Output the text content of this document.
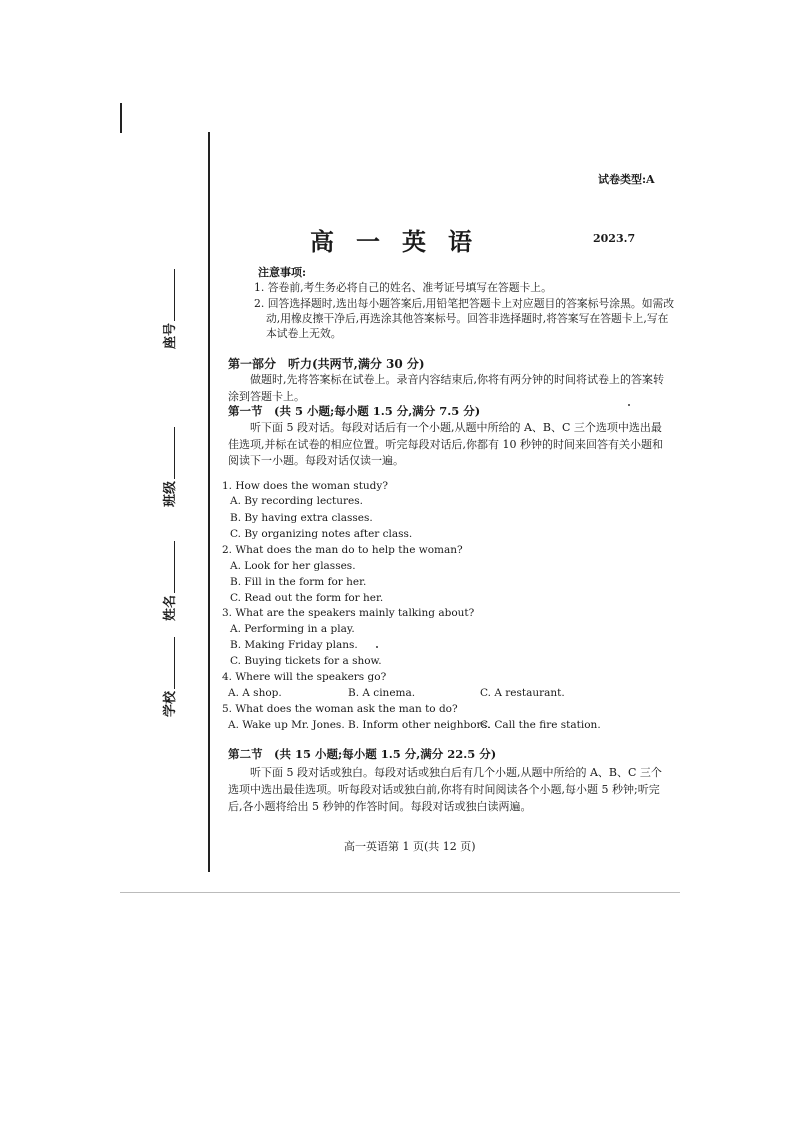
座号
班级
姓名
学校
试卷类型:A
高一英语	2023.7
注意事项:
1. 答卷前,考生务必将自己的姓名、准考证号填写在答题卡上。
2. 回答选择题时,选出每小题答案后,用铅笔把答题卡上对应题目的答案标号涂黑。如需改动,用橡皮擦干净后,再选涂其他答案标号。回答非选择题时,将答案写在答题卡上,写在本试卷上无效。
第一部分　听力(共两节,满分 30 分)
做题时,先将答案标在试卷上。录音内容结束后,你将有两分钟的时间将试卷上的答案转涂到答题卡上。
第一节　(共 5 小题;每小题 1.5 分,满分 7.5 分)
听下面 5 段对话。每段对话后有一个小题,从题中所给的 A、B、C 三个选项中选出最佳选项,并标在试卷的相应位置。听完每段对话后,你都有 10 秒钟的时间来回答有关小题和阅读下一小题。每段对话仅读一遍。
1. How does the woman study?
A. By recording lectures.
B. By having extra classes.
C. By organizing notes after class.
2. What does the man do to help the woman?
A. Look for her glasses.
B. Fill in the form for her.
C. Read out the form for her.
3. What are the speakers mainly talking about?
A. Performing in a play.
B. Making Friday plans.
C. Buying tickets for a show.
4. Where will the speakers go?
A. A shop.	B. A cinema.	C. A restaurant.
5. What does the woman ask the man to do?
A. Wake up Mr. Jones. B. Inform other neighbors.
C. Call the fire station.
第二节　(共 15 小题;每小题 1.5 分,满分 22.5 分)
听下面 5 段对话或独白。每段对话或独白后有几个小题,从题中所给的 A、B、C 三个选项中选出最佳选项。听每段对话或独白前,你将有时间阅读各个小题,每小题 5 秒钟;听完后,各小题将给出 5 秒钟的作答时间。每段对话或独白读两遍。
高一英语第 1 页(共 12 页)
